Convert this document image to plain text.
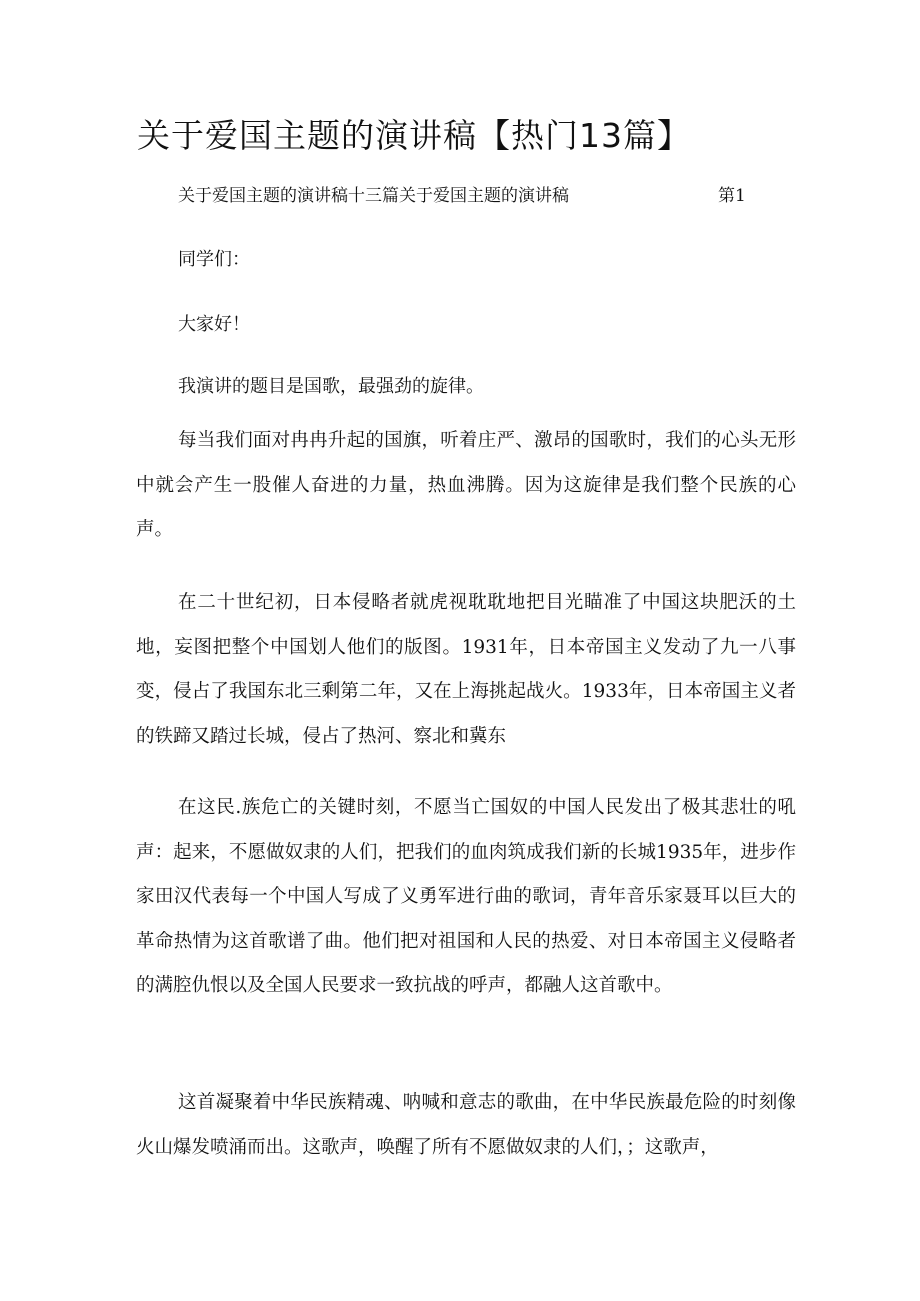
关于爱国主题的演讲稿【热门13篇】
关于爱国主题的演讲稿十三篇关于爱国主题的演讲稿	第1
同学们：
大家好！
我演讲的题目是国歌，最强劲的旋律。

每当我们面对冉冉升起的国旗，听着庄严、激昂的国歌时，我们的心头无形中就会产生一股催人奋进的力量，热血沸腾。因为这旋律是我们整个民族的心声。

在二十世纪初，日本侵略者就虎视耽耽地把目光瞄准了中国这块肥沃的土地，妄图把整个中国划人他们的版图。1931年，日本帝国主义发动了九一八事变，侵占了我国东北三剩第二年，又在上海挑起战火。1933年，日本帝国主义者的铁蹄又踏过长城，侵占了热河、察北和冀东

在这民.族危亡的关键时刻，不愿当亡国奴的中国人民发出了极其悲壮的吼声：起来，不愿做奴隶的人们，把我们的血肉筑成我们新的长城1935年，进步作家田汉代表每一个中国人写成了义勇军进行曲的歌词，青年音乐家聂耳以巨大的革命热情为这首歌谱了曲。他们把对祖国和人民的热爱、对日本帝国主义侵略者的满腔仇恨以及全国人民要求一致抗战的呼声，都融人这首歌中。

这首凝聚着中华民族精魂、呐喊和意志的歌曲，在中华民族最危险的时刻像火山爆发喷涌而出。这歌声，唤醒了所有不愿做奴隶的人们，；这歌声，
